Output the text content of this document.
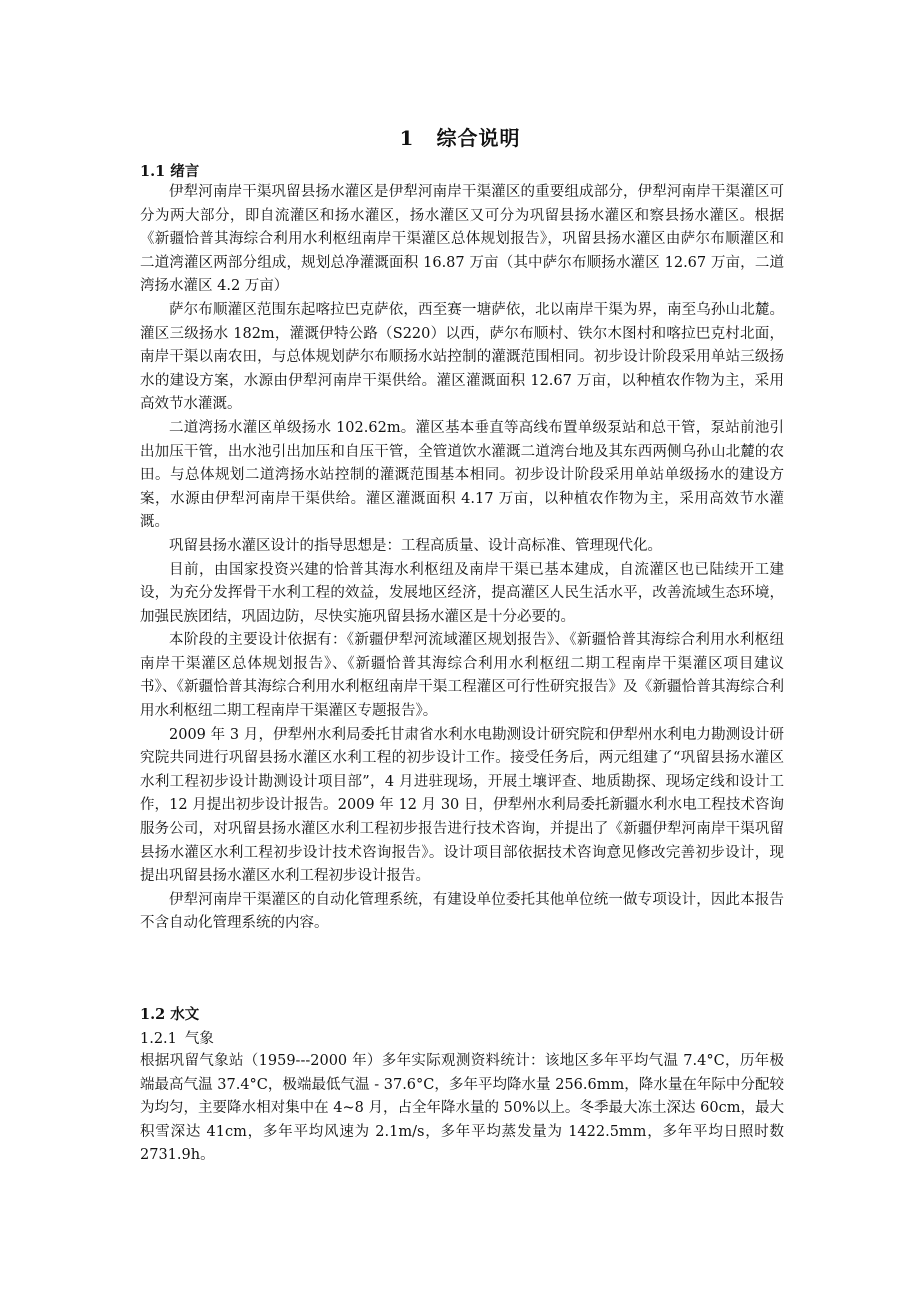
1 综合说明
1.1 绪言

伊犁河南岸干渠巩留县扬水灌区是伊犁河南岸干渠灌区的重要组成部分，伊犁河南岸干渠灌区可分为两大部分，即自流灌区和扬水灌区，扬水灌区又可分为巩留县扬水灌区和察县扬水灌区。根据《新疆恰普其海综合利用水利枢纽南岸干渠灌区总体规划报告》，巩留县扬水灌区由萨尔布顺灌区和二道湾灌区两部分组成，规划总净灌溉面积 16.87 万亩（其中萨尔布顺扬水灌区 12.67 万亩，二道湾扬水灌区 4.2 万亩）

萨尔布顺灌区范围东起喀拉巴克萨依，西至赛一塘萨依，北以南岸干渠为界，南至乌孙山北麓。灌区三级扬水 182m，灌溉伊特公路（S220）以西，萨尔布顺村、铁尔木图村和喀拉巴克村北面，南岸干渠以南农田，与总体规划萨尔布顺扬水站控制的灌溉范围相同。初步设计阶段采用单站三级扬水的建设方案，水源由伊犁河南岸干渠供给。灌区灌溉面积 12.67 万亩，以种植农作物为主，采用高效节水灌溉。

二道湾扬水灌区单级扬水 102.62m。灌区基本垂直等高线布置单级泵站和总干管，泵站前池引出加压干管，出水池引出加压和自压干管，全管道饮水灌溉二道湾台地及其东西两侧乌孙山北麓的农田。与总体规划二道湾扬水站控制的灌溉范围基本相同。初步设计阶段采用单站单级扬水的建设方案，水源由伊犁河南岸干渠供给。灌区灌溉面积 4.17 万亩，以种植农作物为主，采用高效节水灌溉。

巩留县扬水灌区设计的指导思想是：工程高质量、设计高标准、管理现代化。

目前，由国家投资兴建的恰普其海水利枢纽及南岸干渠已基本建成，自流灌区也已陆续开工建设，为充分发挥骨干水利工程的效益，发展地区经济，提高灌区人民生活水平，改善流域生态环境，加强民族团结，巩固边防，尽快实施巩留县扬水灌区是十分必要的。

本阶段的主要设计依据有：《新疆伊犁河流域灌区规划报告》、《新疆恰普其海综合利用水利枢纽南岸干渠灌区总体规划报告》、《新疆恰普其海综合利用水利枢纽二期工程南岸干渠灌区项目建议书》、《新疆恰普其海综合利用水利枢纽南岸干渠工程灌区可行性研究报告》及《新疆恰普其海综合利用水利枢纽二期工程南岸干渠灌区专题报告》。

2009 年 3 月，伊犁州水利局委托甘肃省水利水电勘测设计研究院和伊犁州水利电力勘测设计研究院共同进行巩留县扬水灌区水利工程的初步设计工作。接受任务后，两元组建了“巩留县扬水灌区水利工程初步设计勘测设计项目部”，4 月进驻现场，开展土壤评查、地质勘探、现场定线和设计工作，12 月提出初步设计报告。2009 年 12 月 30 日，伊犁州水利局委托新疆水利水电工程技术咨询服务公司，对巩留县扬水灌区水利工程初步报告进行技术咨询，并提出了《新疆伊犁河南岸干渠巩留县扬水灌区水利工程初步设计技术咨询报告》。设计项目部依据技术咨询意见修改完善初步设计，现提出巩留县扬水灌区水利工程初步设计报告。

伊犁河南岸干渠灌区的自动化管理系统，有建设单位委托其他单位统一做专项设计，因此本报告不含自动化管理系统的内容。

1.2 水文
1.2.1 气象

根据巩留气象站（1959---2000 年）多年实际观测资料统计：该地区多年平均气温 7.4°C，历年极端最高气温 37.4°C，极端最低气温 - 37.6°C，多年平均降水量 256.6mm，降水量在年际中分配较为均匀，主要降水相对集中在 4~8 月，占全年降水量的 50%以上。冬季最大冻土深达 60cm，最大积雪深达 41cm，多年平均风速为 2.1m/s，多年平均蒸发量为 1422.5mm，多年平均日照时数 2731.9h。
